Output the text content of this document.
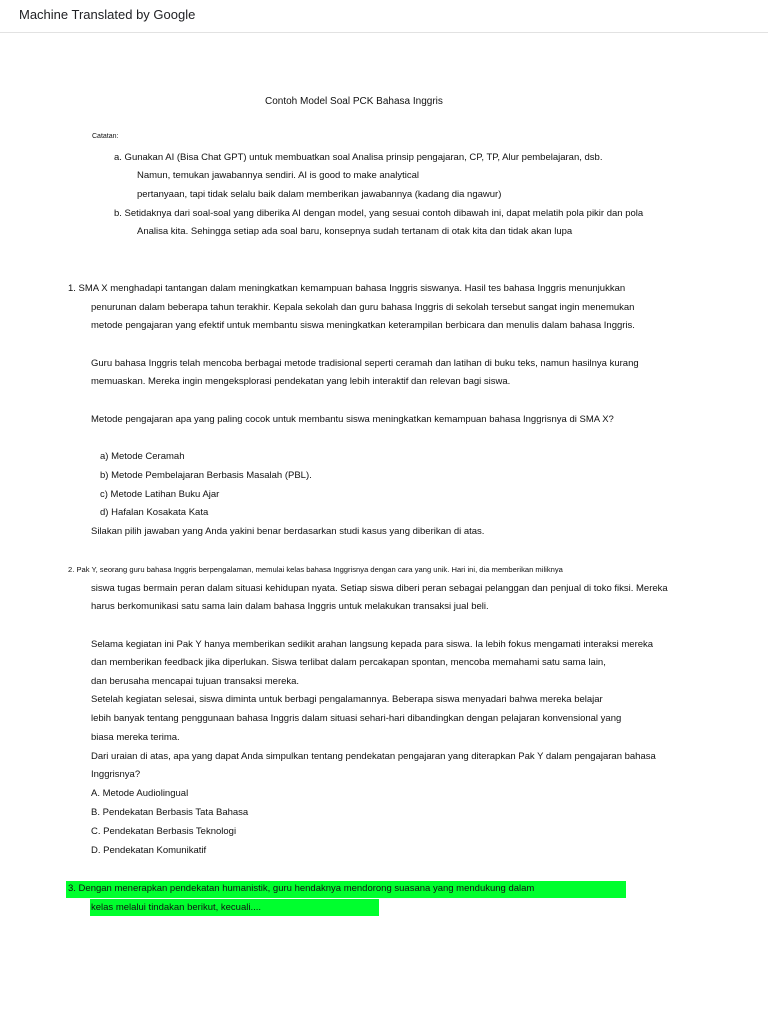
Machine Translated by Google
Contoh Model Soal PCK Bahasa Inggris
Catatan:
a. Gunakan AI (Bisa Chat GPT) untuk membuatkan soal Analisa prinsip pengajaran, CP, TP, Alur pembelajaran, dsb.
Namun, temukan jawabannya sendiri. AI is good to make analytical
pertanyaan, tapi tidak selalu baik dalam memberikan jawabannya (kadang dia ngawur)
b. Setidaknya dari soal-soal yang diberika AI dengan model, yang sesuai contoh dibawah ini, dapat melatih pola pikir dan pola
Analisa kita. Sehingga setiap ada soal baru, konsepnya sudah tertanam di otak kita dan tidak akan lupa
1. SMA X menghadapi tantangan dalam meningkatkan kemampuan bahasa Inggris siswanya. Hasil tes bahasa Inggris menunjukkan
penurunan dalam beberapa tahun terakhir. Kepala sekolah dan guru bahasa Inggris di sekolah tersebut sangat ingin menemukan
metode pengajaran yang efektif untuk membantu siswa meningkatkan keterampilan berbicara dan menulis dalam bahasa Inggris.
Guru bahasa Inggris telah mencoba berbagai metode tradisional seperti ceramah dan latihan di buku teks, namun hasilnya kurang
memuaskan. Mereka ingin mengeksplorasi pendekatan yang lebih interaktif dan relevan bagi siswa.
Metode pengajaran apa yang paling cocok untuk membantu siswa meningkatkan kemampuan bahasa Inggrisnya di SMA X?
a) Metode Ceramah
b) Metode Pembelajaran Berbasis Masalah (PBL).
c) Metode Latihan Buku Ajar
d) Hafalan Kosakata Kata
Silakan pilih jawaban yang Anda yakini benar berdasarkan studi kasus yang diberikan di atas.
2. Pak Y, seorang guru bahasa Inggris berpengalaman, memulai kelas bahasa Inggrisnya dengan cara yang unik. Hari ini, dia memberikan miliknya
siswa tugas bermain peran dalam situasi kehidupan nyata. Setiap siswa diberi peran sebagai pelanggan dan penjual di toko fiksi. Mereka
harus berkomunikasi satu sama lain dalam bahasa Inggris untuk melakukan transaksi jual beli.
Selama kegiatan ini Pak Y hanya memberikan sedikit arahan langsung kepada para siswa. Ia lebih fokus mengamati interaksi mereka
dan memberikan feedback jika diperlukan. Siswa terlibat dalam percakapan spontan, mencoba memahami satu sama lain,
dan berusaha mencapai tujuan transaksi mereka.
Setelah kegiatan selesai, siswa diminta untuk berbagi pengalamannya. Beberapa siswa menyadari bahwa mereka belajar
lebih banyak tentang penggunaan bahasa Inggris dalam situasi sehari-hari dibandingkan dengan pelajaran konvensional yang
biasa mereka terima.
Dari uraian di atas, apa yang dapat Anda simpulkan tentang pendekatan pengajaran yang diterapkan Pak Y dalam pengajaran bahasa
Inggrisnya?
A. Metode Audiolingual
B. Pendekatan Berbasis Tata Bahasa
C. Pendekatan Berbasis Teknologi
D. Pendekatan Komunikatif
3. Dengan menerapkan pendekatan humanistik, guru hendaknya mendorong suasana yang mendukung dalam
kelas melalui tindakan berikut, kecuali....
